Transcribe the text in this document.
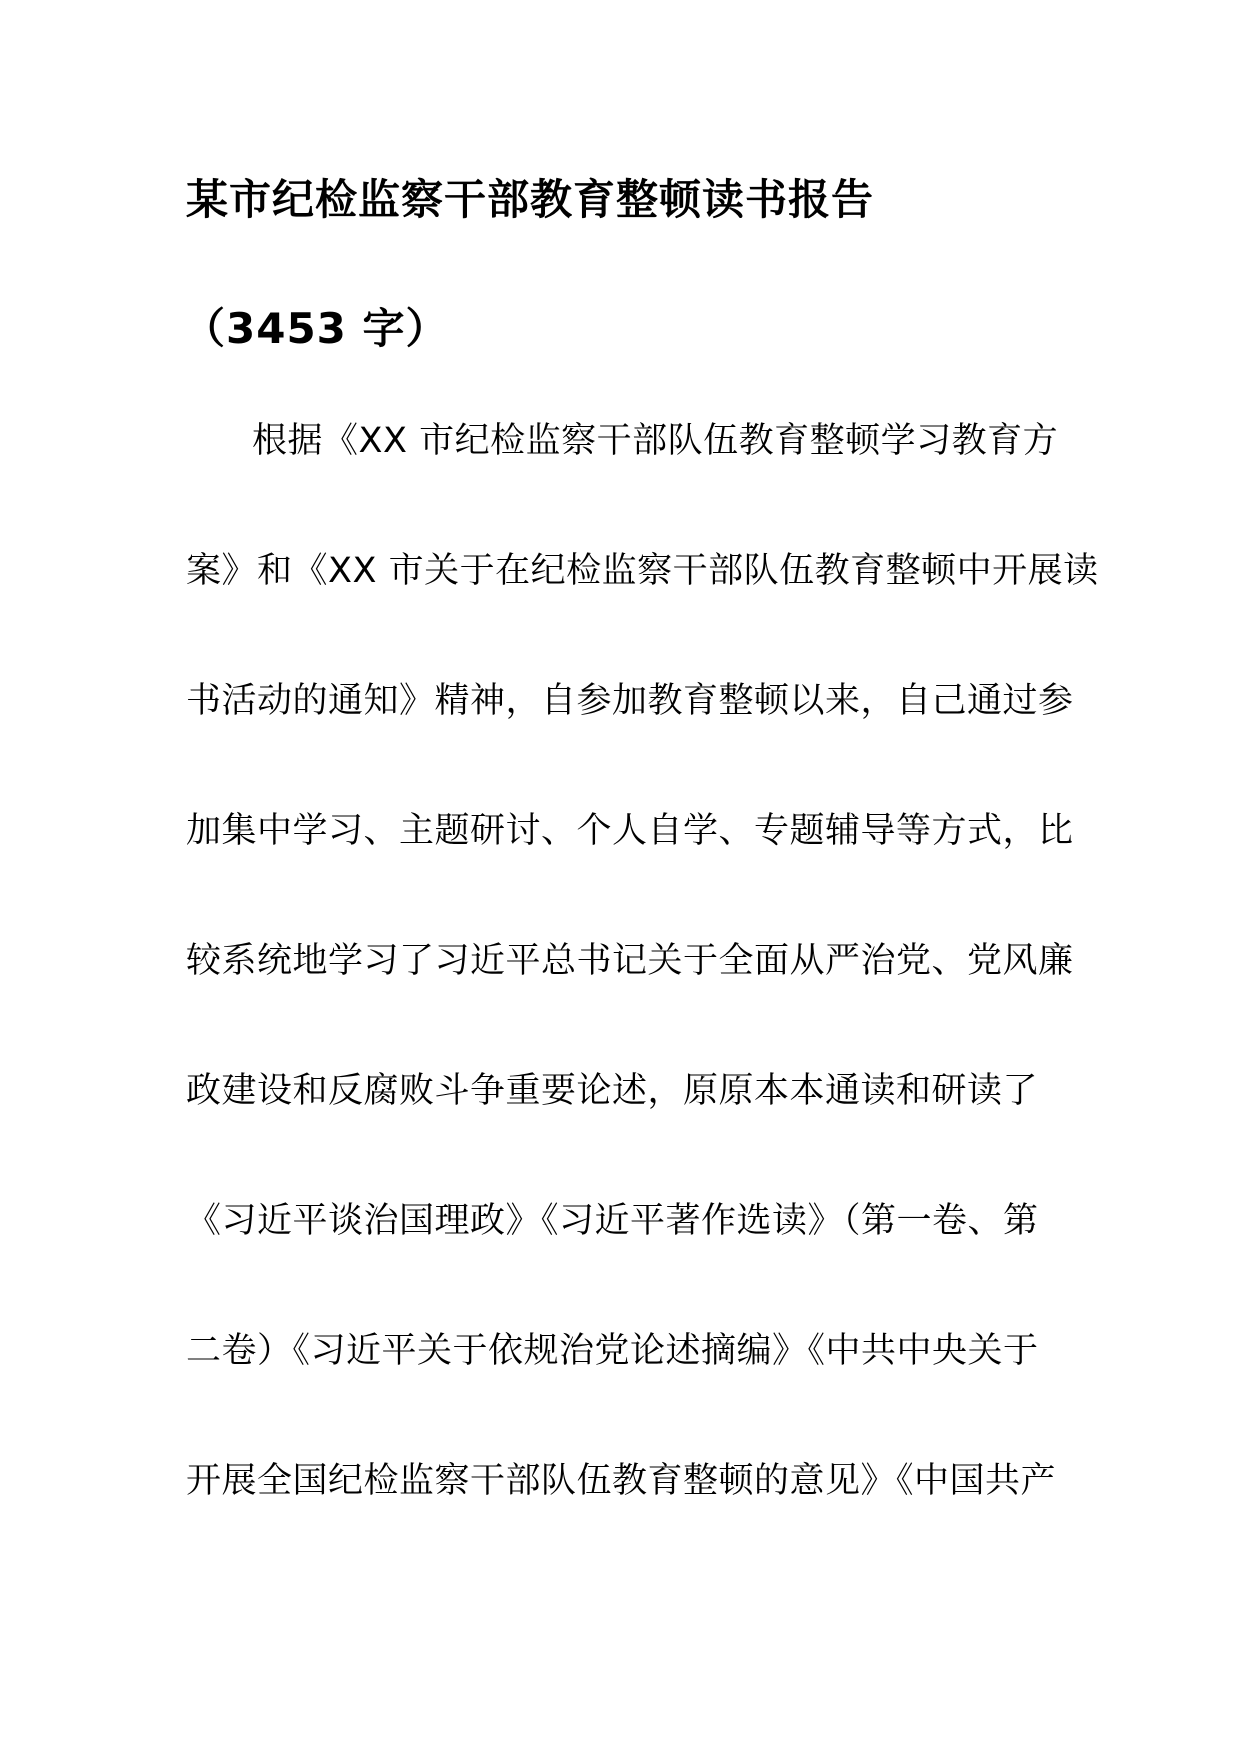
某市纪检监察干部教育整顿读书报告
（3453 字）
根据《XX 市纪检监察干部队伍教育整顿学习教育方
案》和《XX 市关于在纪检监察干部队伍教育整顿中开展读
书活动的通知》精神，自参加教育整顿以来，自己通过参
加集中学习、主题研讨、个人自学、专题辅导等方式，比
较系统地学习了习近平总书记关于全面从严治党、党风廉
政建设和反腐败斗争重要论述，原原本本通读和研读了
《习近平谈治国理政》《习近平著作选读》（第一卷、第
二卷）《习近平关于依规治党论述摘编》《中共中央关于
开展全国纪检监察干部队伍教育整顿的意见》《中国共产
